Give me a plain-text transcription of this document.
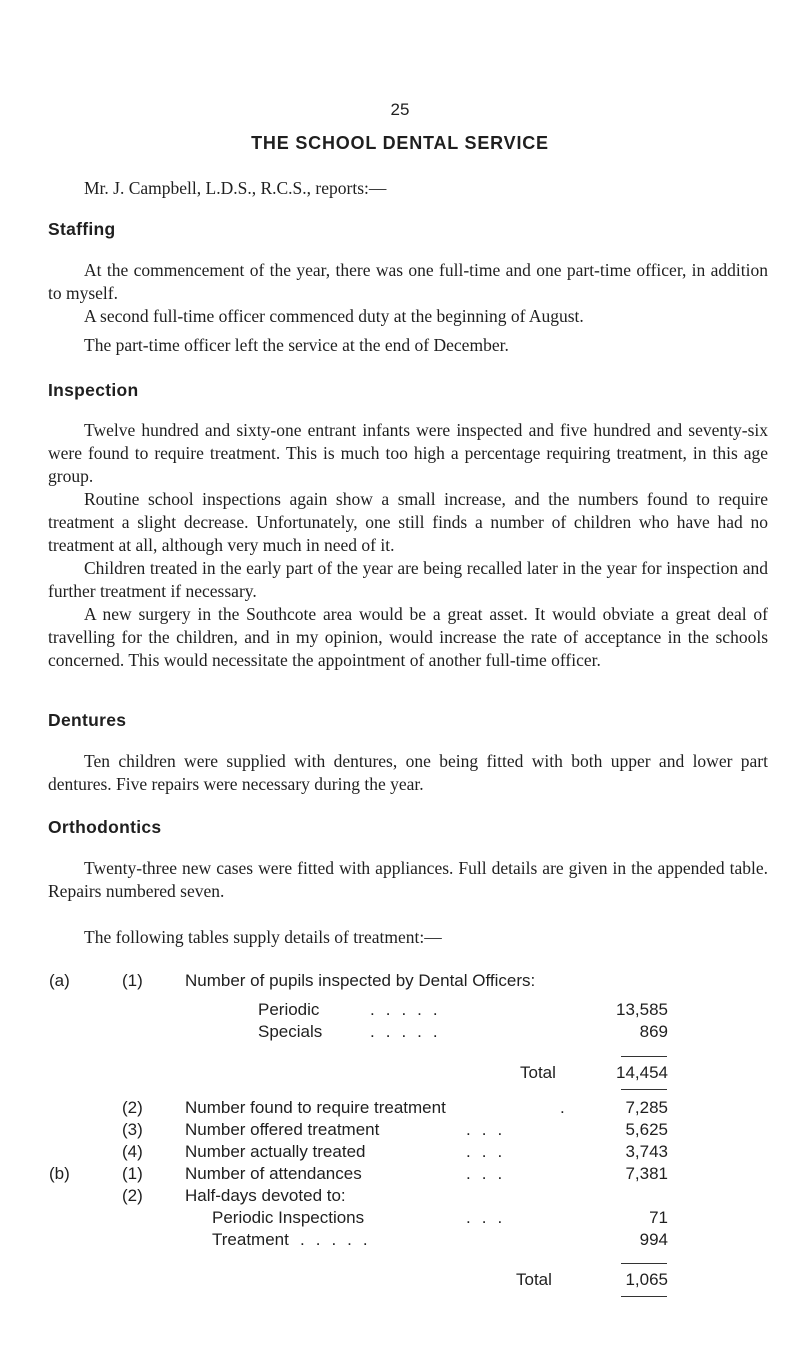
25
THE SCHOOL DENTAL SERVICE
Mr. J. Campbell, L.D.S., R.C.S., reports:—
Staffing

At the commencement of the year, there was one full-time and one part-time officer, in addition to myself.

A second full-time officer commenced duty at the beginning of August.

The part-time officer left the service at the end of December.

Inspection

Twelve hundred and sixty-one entrant infants were inspected and five hundred and seventy-six were found to require treatment. This is much too high a percentage requiring treatment, in this age group.

Routine school inspections again show a small increase, and the numbers found to require treatment a slight decrease. Unfortunately, one still finds a number of children who have had no treatment at all, although very much in need of it.

Children treated in the early part of the year are being recalled later in the year for inspection and further treatment if necessary.

A new surgery in the Southcote area would be a great asset. It would obviate a great deal of travelling for the children, and in my opinion, would increase the rate of acceptance in the schools concerned. This would necessitate the appointment of another full-time officer.

Dentures

Ten children were supplied with dentures, one being fitted with both upper and lower part dentures. Five repairs were necessary during the year.

Orthodontics

Twenty-three new cases were fitted with appliances. Full details are given in the appended table. Repairs numbered seven.

The following tables supply details of treatment:—

(a)	(1) Number of pupils inspected by Dental Officers:
Periodic	.....	13,585
Specials	.....	869
Total	14,454
(2) Number found to require treatment	.	7,285
(3) Number offered treatment	...	5,625
(4) Number actually treated	...	3,743
(b)	(1) Number of attendances	...	7,381
(2) Half-days devoted to:
Periodic Inspections	...	71
Treatment .....	994
Total	1,065
